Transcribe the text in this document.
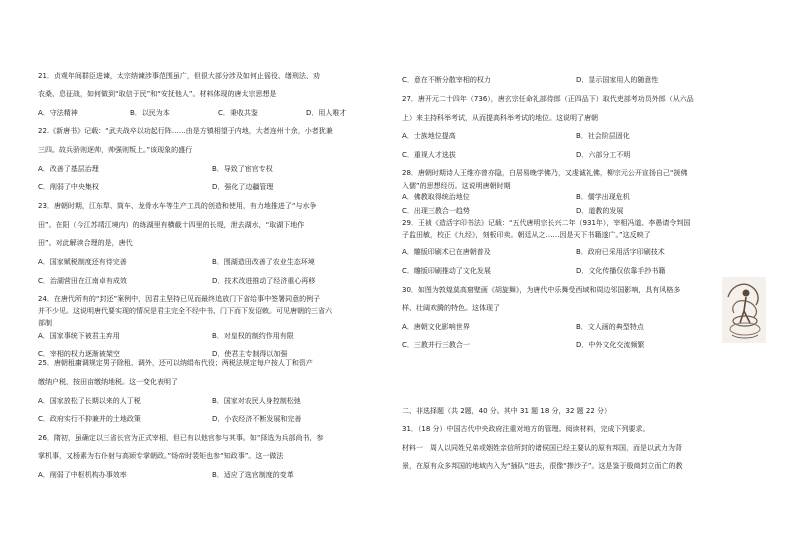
21．贞观年间群臣进谏，太宗纳谏涉事范围虽广，但很大部分涉及如何止徭役、缮刑法、劝
农桑、息征战，如何做到“取信于民”和“安抚他人”。材料体现的唐太宗思想是
A．守法精神	B．以民为本	C．秉收共鉴	D．用人唯才
22.《新唐书》记载：“武夫战卒以功起行阵……由是方镇相望于内地，大者连州十余，小者犹兼
三四。故兵骄则逐帅，帅强则叛上。”该现象的盛行
A．改善了基层治理	B．导致了宦官专权
C．削弱了中央集权	D．强化了边疆管理
23．唐朝时期，江东犁、筒车、龙骨水车等生产工具的创造和使用，有力地推进了“与水争
田”。在阳（今江苏靖江境内）的练湖里有横截十四里的长堤，泄去湖水，“取湖下地作
田”。对此解读合理的是，唐代
A．国家赋税制度还有待完善	B．围湖造田改善了农业生态环境
C．治湖营田在江南卓有成效	D．技术改进推动了经济重心再移
24．在唐代所有的“封还”案例中，因君主坚持已见而最终追放门下省给事中签署同意的例子
并不少见。这说明唐代要实现的情况是君主完全不经中书、门下而下发诏敕。可见唐朝的三省六
部制
A．国家事统下被君主弃用	B．对皇权的制约作用有限
C．宰相的权力逐渐被架空	D．使君主专制得以加强
25．唐朝租庸调规定男子除租、调外，还可以纳绢布代役；两税法规定每户按人丁和资产
缴纳户税，按田亩缴纳地税。这一变化表明了
A．国家放松了长期以来的人丁税	B．国家对农民人身控制松弛
C．政府实行不抑兼并的土地政策	D．小农经济不断发展和完善
26．隋初，虽确定以三省长官为正式宰相，但已有以他官参与其事。如“择选为兵部尚书，参
掌机事，又杨素为右仆射与高颎专掌朝政。”炀帝时裴矩也参“知政事”。这一做法
A．削弱了中枢机构办事效率	B．适应了选官制度的变革
C．意在不断分散宰相的权力	D．显示国家用人的随意性
27．唐开元二十四年（736），唐玄宗任命礼部侍郎（正四品下）取代吏部考功员外郎（从六品
上）来主持科举考试，从而提高科举考试的地位。这说明了唐朝
A．士族地位提高	B．社会阶层固化
C．重视人才选拔	D．六部分工不明
28．唐朝时期诗人王维亦曾亦隐，白居易晚学佛乃，又虔诚礼佛，柳宗元公开宣扬自己“援佛
入儒”的思想经历。这说明唐朝时期
A．佛教取得统治地位	B．儒学出现危机
C．出现三教合一趋势	D．道教的发展
29．王祯《造活字印书法》记载：“五代唐明宗长兴二年（931年），宰相冯道、李愚请令判国
子监田敏，校正《九经》，刻板印卖。朝廷从之……因是天下书籍遂广。”这反映了
A．雕版印刷术已在唐朝普及	B．政府已采用活字印刷技术
C．雕版印刷推动了文化发展	D．文化传播仅依靠手抄书籍
30．如图为敦煌莫高窟壁画《胡旋舞》，为唐代中乐舞受西域和周边邻国影响，具有风格多
样、壮阔欢腾的特色。这体现了
A．唐朝文化影响世界	B．文人画的典型特点
C．三教并行三教合一	D．中外文化交流频繁
二、非选择题（共 2题，40 分。其中 31 题 18 分，32 题 22 分）
31．（18 分）中国古代中央政府注重对地方的管理。阅读材料，完成下列要求。
材料一　周人以同姓兄弟或姻姓亲信所封的诸侯国已经主要认的原有邦国，而是以武力为背
景，在原有众多邦国的地域内入为“插队”进去，很像“掺沙子”。这是鉴于殷商封立而亡的教
